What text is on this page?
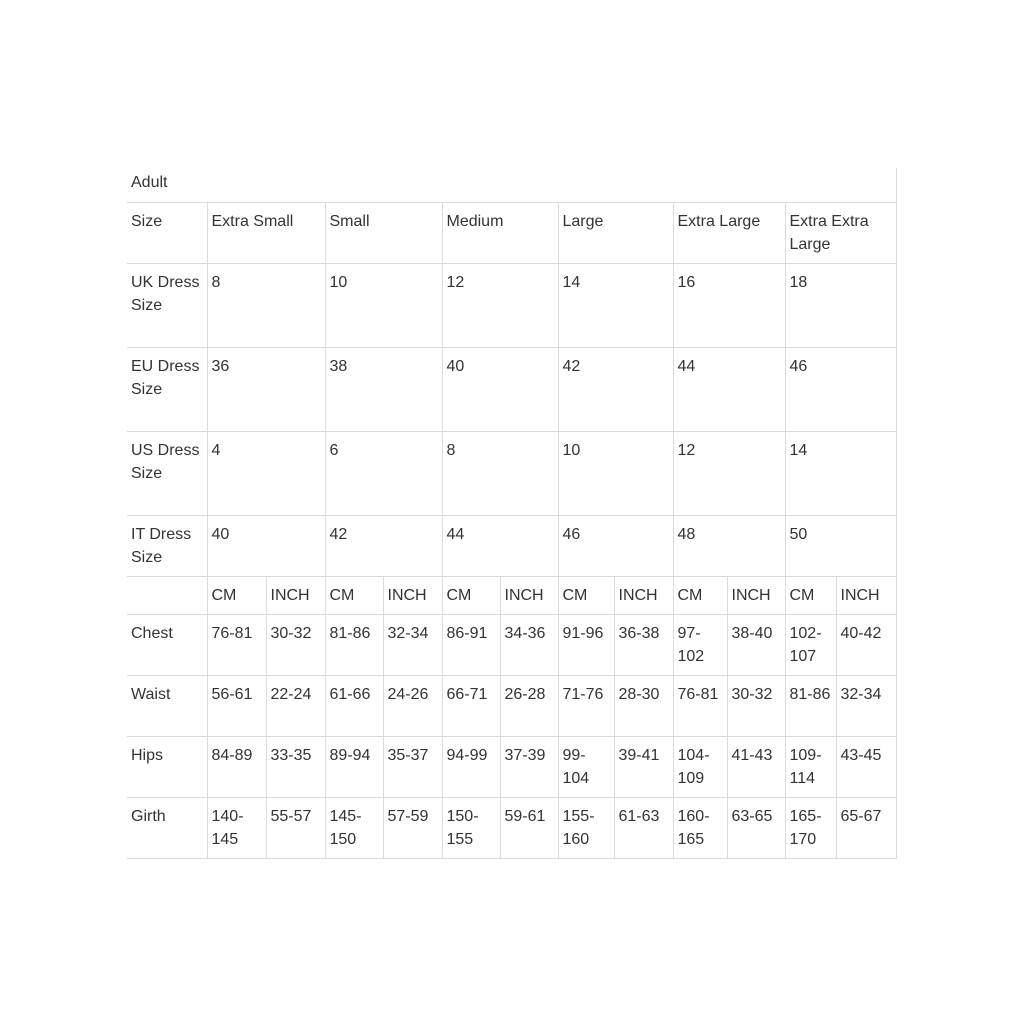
Adult												
Size	Extra Small		Small		Medium		Large		Extra Large		Extra Extra Large	
UK Dress Size	8		10		12		14		16		18	
EU Dress Size	36		38		40		42		44		46	
US Dress Size	4		6		8		10		12		14	
IT Dress Size	40		42		44		46		48		50	
	CM	INCH	CM	INCH	CM	INCH	CM	INCH	CM	INCH	CM	INCH
Chest	76-81	30-32	81-86	32-34	86-91	34-36	91-96	36-38	97-102	38-40	102-107	40-42
Waist	56-61	22-24	61-66	24-26	66-71	26-28	71-76	28-30	76-81	30-32	81-86	32-34
Hips	84-89	33-35	89-94	35-37	94-99	37-39	99-104	39-41	104-109	41-43	109-114	43-45
Girth	140-145	55-57	145-150	57-59	150-155	59-61	155-160	61-63	160-165	63-65	165-170	65-67
